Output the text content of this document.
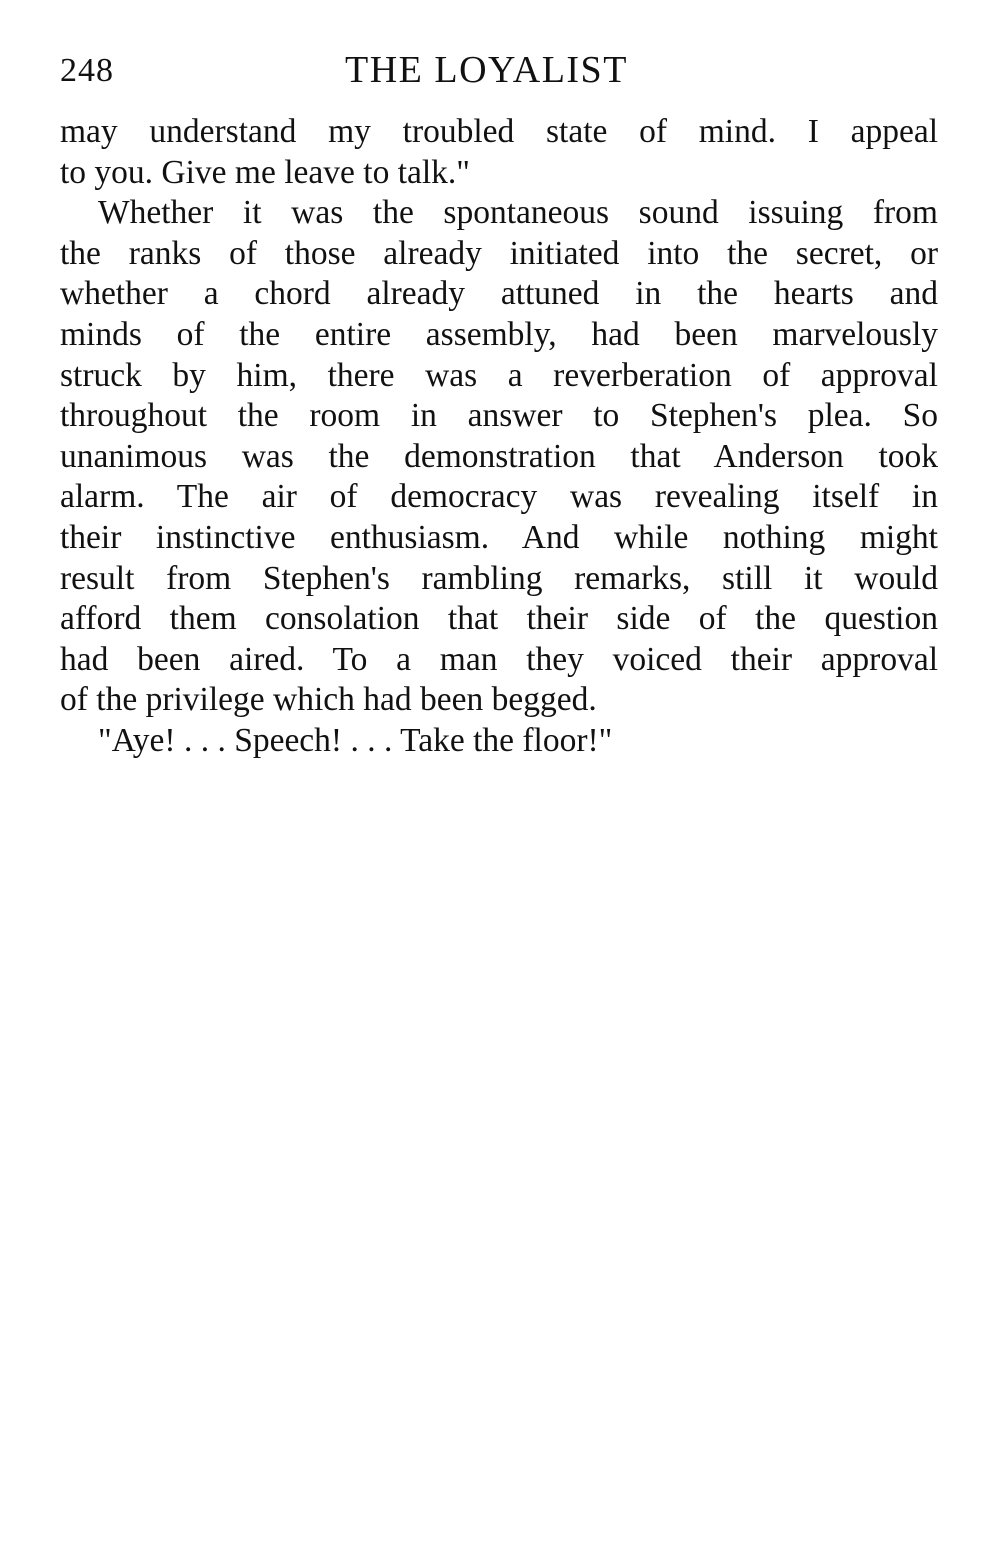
248	THE LOYALIST
may understand my troubled state of mind. I appeal
to you. Give me leave to talk."
Whether it was the spontaneous sound issuing from
the ranks of those already initiated into the secret, or
whether a chord already attuned in the hearts and
minds of the entire assembly, had been marvelously
struck by him, there was a reverberation of approval
throughout the room in answer to Stephen's plea. So
unanimous was the demonstration that Anderson took
alarm. The air of democracy was revealing itself in
their instinctive enthusiasm. And while nothing might
result from Stephen's rambling remarks, still it would
afford them consolation that their side of the question
had been aired. To a man they voiced their approval
of the privilege which had been begged.
"Aye! . . . Speech! . . . Take the floor!"
